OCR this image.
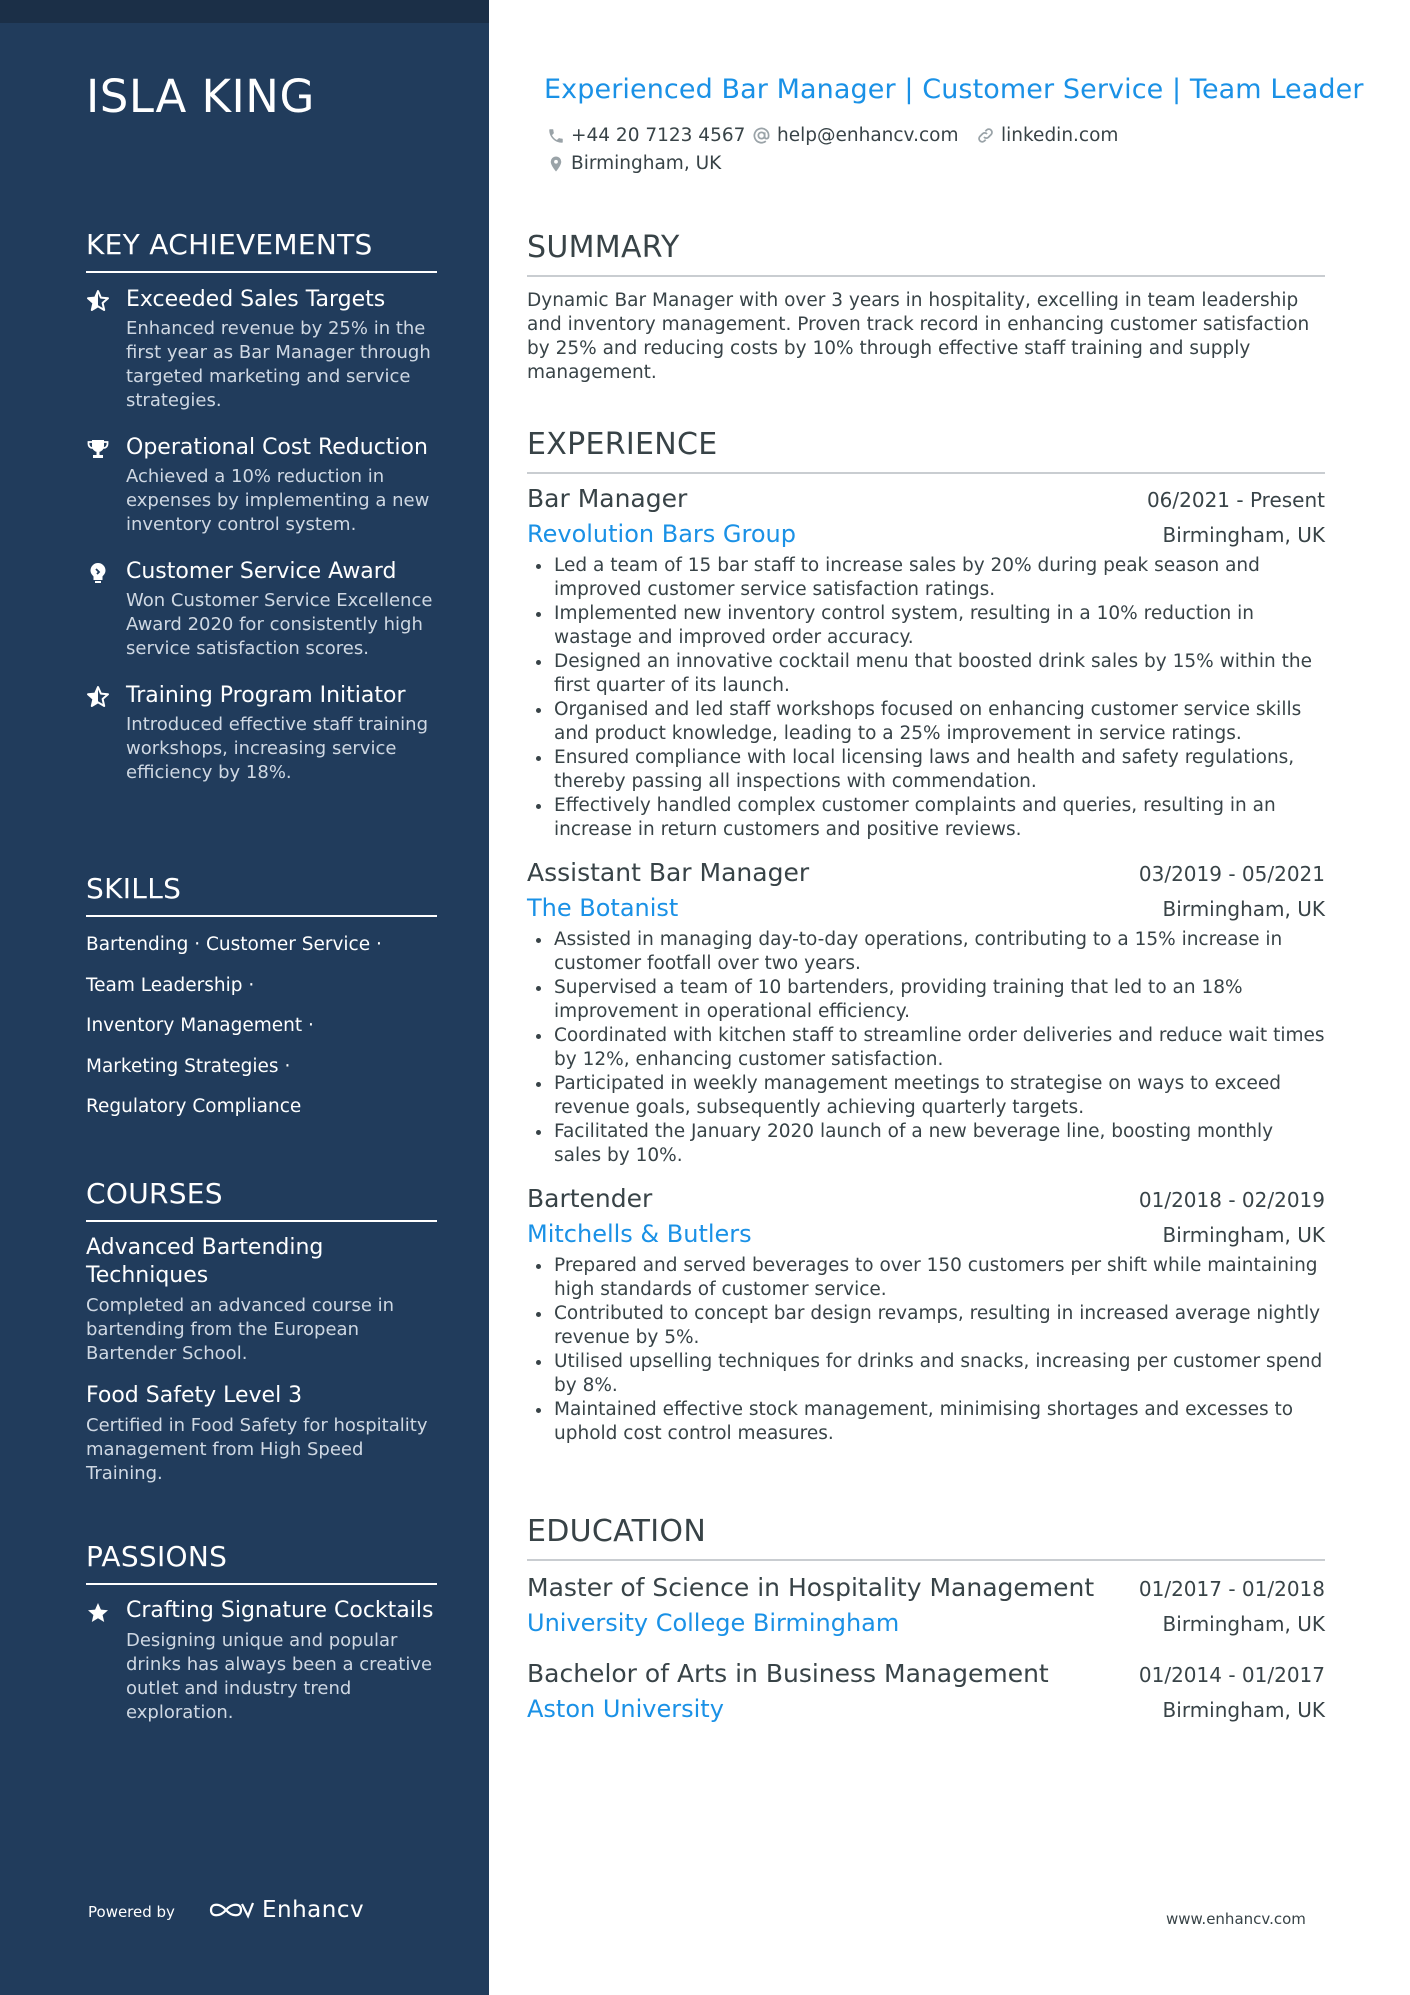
ISLA KING
KEY ACHIEVEMENTS
Exceeded Sales Targets
Enhanced revenue by 25% in the first year as Bar Manager through targeted marketing and service strategies.
Operational Cost Reduction
Achieved a 10% reduction in expenses by implementing a new inventory control system.
Customer Service Award
Won Customer Service Excellence Award 2020 for consistently high service satisfaction scores.
Training Program Initiator
Introduced effective staff training workshops, increasing service efficiency by 18%.
SKILLS
Bartending · Customer Service ·
Team Leadership ·
Inventory Management ·
Marketing Strategies ·
Regulatory Compliance
COURSES
Advanced Bartending Techniques
Completed an advanced course in bartending from the European Bartender School.
Food Safety Level 3
Certified in Food Safety for hospitality management from High Speed Training.
PASSIONS
Crafting Signature Cocktails
Designing unique and popular drinks has always been a creative outlet and industry trend exploration.
Powered by	Enhancv
Experienced Bar Manager | Customer Service | Team Leader
+44 20 7123 4567 help@enhancv.com linkedin.com
Birmingham, UK
SUMMARY
Dynamic Bar Manager with over 3 years in hospitality, excelling in team leadership and inventory management. Proven track record in enhancing customer satisfaction by 25% and reducing costs by 10% through effective staff training and supply management.
EXPERIENCE
Bar Manager	06/2021 - Present
Revolution Bars Group	Birmingham, UK
Led a team of 15 bar staff to increase sales by 20% during peak season and improved customer service satisfaction ratings.
Implemented new inventory control system, resulting in a 10% reduction in wastage and improved order accuracy.
Designed an innovative cocktail menu that boosted drink sales by 15% within the first quarter of its launch.
Organised and led staff workshops focused on enhancing customer service skills and product knowledge, leading to a 25% improvement in service ratings.
Ensured compliance with local licensing laws and health and safety regulations, thereby passing all inspections with commendation.
Effectively handled complex customer complaints and queries, resulting in an increase in return customers and positive reviews.
Assistant Bar Manager	03/2019 - 05/2021
The Botanist	Birmingham, UK
Assisted in managing day-to-day operations, contributing to a 15% increase in customer footfall over two years.
Supervised a team of 10 bartenders, providing training that led to an 18% improvement in operational efficiency.
Coordinated with kitchen staff to streamline order deliveries and reduce wait times by 12%, enhancing customer satisfaction.
Participated in weekly management meetings to strategise on ways to exceed revenue goals, subsequently achieving quarterly targets.
Facilitated the January 2020 launch of a new beverage line, boosting monthly sales by 10%.
Bartender	01/2018 - 02/2019
Mitchells & Butlers	Birmingham, UK
Prepared and served beverages to over 150 customers per shift while maintaining high standards of customer service.
Contributed to concept bar design revamps, resulting in increased average nightly revenue by 5%.
Utilised upselling techniques for drinks and snacks, increasing per customer spend by 8%.
Maintained effective stock management, minimising shortages and excesses to uphold cost control measures.
EDUCATION
Master of Science in Hospitality Management 01/2017 - 01/2018
University College Birmingham	Birmingham, UK
Bachelor of Arts in Business Management	01/2014 - 01/2017
Aston University	Birmingham, UK
www.enhancv.com
